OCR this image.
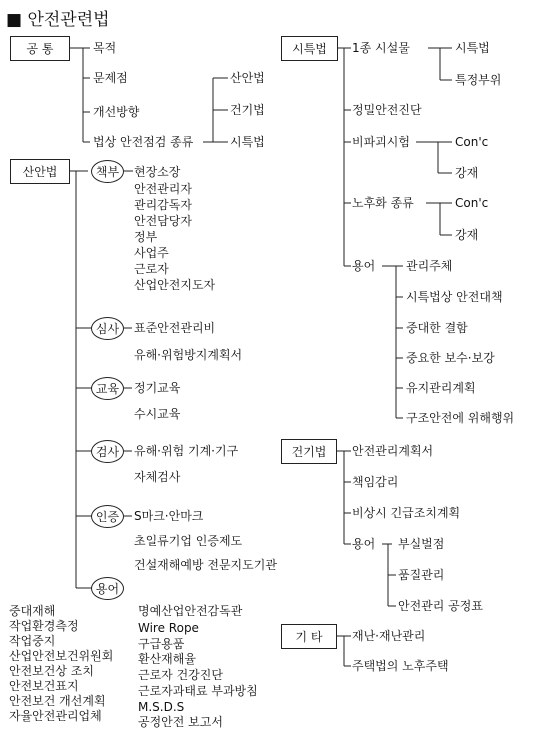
■ 안전관련법
공 통	목적
문제점
개선방향
법상 안전점검 종류
산안법
건기법
시특법
산안법	책부	현장소장
안전관리자
관리감독자
안전담당자
정부
사업주
근로자
산업안전지도자
심사	표준안전관리비
유해·위험방지계획서
교육	정기교육
수시교육
검사	유해·위험 기계·기구
자체검사
인증	S마크·안마크
초일류기업 인증제도
건설재해예방 전문지도기관
용어
중대재해
작업환경측정
작업중지
산업안전보건위원회
안전보건상 조치
안전보건표지
안전보건 개선계획
자율안전관리업체
명예산업안전감독관
Wire Rope
구급용품
환산재해율
근로자 건강진단
근로자과태료 부과방침
M.S.D.S
공정안전 보고서
시특법	1종 시설물	시특법
특정부위
정밀안전진단
비파괴시험	Con'c
강재
노후화 종류	Con'c
강재
용어	관리주체
시특법상 안전대책
중대한 결함
중요한 보수·보강
유지관리계획
구조안전에 위해행위
건기법	안전관리계획서
책임감리
비상시 긴급조치계획
용어 부실벌점
품질관리
안전관리 공정표
기 타	재난·재난관리
주택법의 노후주택
